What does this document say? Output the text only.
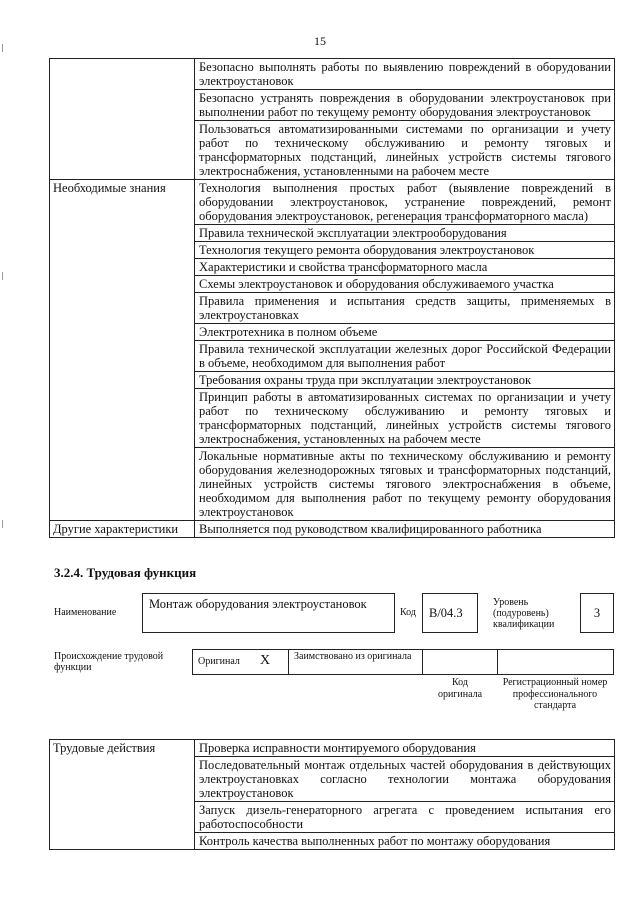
15
	Безопасно выполнять работы по выявлению повреждений в оборудовании электроустановок
	Безопасно устранять повреждения в оборудовании электроустановок при выполнении работ по текущему ремонту оборудования электроустановок
	Пользоваться автоматизированными системами по организации и учету работ по техническому обслуживанию и ремонту тяговых и трансформаторных подстанций, линейных устройств системы тягового электроснабжения, установленными на рабочем месте
Необходимые знания	Технология выполнения простых работ (выявление повреждений в оборудовании электроустановок, устранение повреждений, ремонт оборудования электроустановок, регенерация трансформаторного масла)
	Правила технической эксплуатации электрооборудования
	Технология текущего ремонта оборудования электроустановок
	Характеристики и свойства трансформаторного масла
	Схемы электроустановок и оборудования обслуживаемого участка
	Правила применения и испытания средств защиты, применяемых в электроустановках
	Электротехника в полном объеме
	Правила технической эксплуатации железных дорог Российской Федерации в объеме, необходимом для выполнения работ
	Требования охраны труда при эксплуатации электроустановок
	Принцип работы в автоматизированных системах по организации и учету работ по техническому обслуживанию и ремонту тяговых и трансформаторных подстанций, линейных устройств системы тягового электроснабжения, установленных на рабочем месте
	Локальные нормативные акты по техническому обслуживанию и ремонту оборудования железнодорожных тяговых и трансформаторных подстанций, линейных устройств системы тягового электроснабжения в объеме, необходимом для выполнения работ по текущему ремонту оборудования электроустановок
Другие характеристики	Выполняется под руководством квалифицированного работника
3.2.4. Трудовая функция
Наименование
Монтаж оборудования электроустановок
Код	B/04.3
Уровень (подуровень) квалификации
3
Происхождение трудовой функции
Оригинал X Заимствовано из оригинала
Код оригинала
Регистрационный номер профессионального стандарта
Трудовые действия	Проверка исправности монтируемого оборудования
Последовательный монтаж отдельных частей оборудования в действующих электроустановках согласно технологии монтажа оборудования электроустановок
Запуск дизель-генераторного агрегата с проведением испытания его работоспособности
Контроль качества выполненных работ по монтажу оборудования
